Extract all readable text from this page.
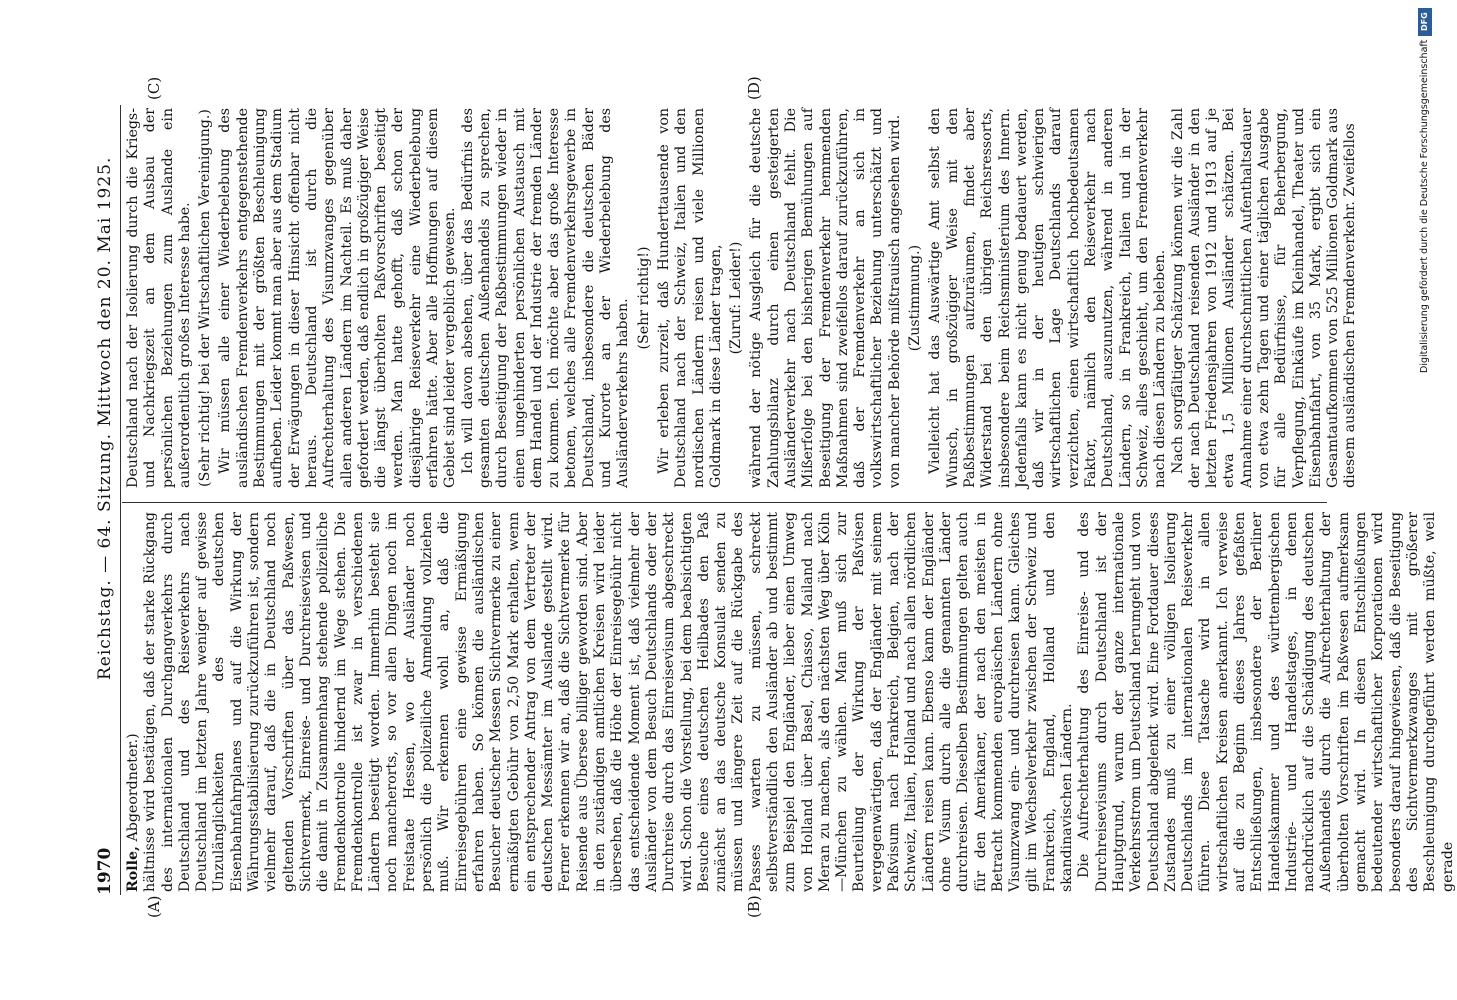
1970
Reichstag. — 64. Sitzung. Mittwoch den 20. Mai 1925.
(A)	(B)
(C)	(D)

Rolle, Abgeordneter.) hältnisse wird bestätigen, daß der starke Rückgang des internationalen Durchgangverkehrs durch Deutschland und des Reiseverkehrs nach Deutschland im letzten Jahre weniger auf gewisse Unzulänglichkeiten des deutschen Eisenbahnfahrplanes und auf die Wirkung der Währungsstabilisierung zurückzuführen ist, sondern vielmehr darauf, daß die in Deutschland noch geltenden Vorschriften über das Paßwesen, Sichtvermerk, Einreise- und Durchreisevisen und die damit in Zusammenhang stehende polizeiliche Fremdenkontrolle hindernd im Wege stehen. Die Fremdenkontrolle ist zwar in verschiedenen Ländern beseitigt worden. Immerhin besteht sie noch mancherorts, so vor allen Dingen noch im Freistaate Hessen, wo der Ausländer noch persönlich die polizeiliche Anmeldung vollziehen muß. Wir erkennen wohl an, daß die Einreisegebühren eine gewisse Ermäßigung erfahren haben. So können die ausländischen Besucher deutscher Messen Sichtvermerke zu einer ermäßigten Gebühr von 2,50 Mark erhalten, wenn ein entsprechender Antrag von dem Vertreter der deutschen Messämter im Auslande gestellt wird. Ferner erkennen wir an, daß die Sichtvermerke für Reisende aus Übersee billiger geworden sind. Aber in den zuständigen amtlichen Kreisen wird leider übersehen, daß die Höhe der Einreisegebühr nicht das entscheidende Moment ist, daß vielmehr der Ausländer von dem Besuch Deutschlands oder der Durchreise durch das Einreisevisum abgeschreckt wird. Schon die Vorstellung, bei dem beabsichtigten Besuche eines deutschen Heilbades den Paß zunächst an das deutsche Konsulat senden zu müssen und längere Zeit auf die Rückgabe des Passes warten zu müssen, schreckt selbstverständlich den Ausländer ab und bestimmt zum Beispiel den Engländer, lieber einen Umweg von Holland über Basel, Chiasso, Mailand nach Meran zu machen, als den nächsten Weg über Köln—München zu wählen. Man muß sich zur Beurteilung der Wirkung der Paßvisen vergegenwärtigen, daß der Engländer mit seinem Paßvisum nach Frankreich, Belgien, nach der Schweiz, Italien, Holland und nach allen nördlichen Ländern reisen kann. Ebenso kann der Engländer ohne Visum durch alle die genannten Länder durchreisen. Dieselben Bestimmungen gelten auch für den Amerikaner, der nach den meisten in Betracht kommenden europäischen Ländern ohne Visumzwang ein- und durchreisen kann. Gleiches gilt im Wechselverkehr zwischen der Schweiz und Frankreich, England, Holland und den skandinavischen Ländern. Die Aufrechterhaltung des Einreise- und des Durchreisevisums durch Deutschland ist der Hauptgrund, warum der ganze internationale Verkehrsstrom um Deutschland herumgeht und von Deutschland abgelenkt wird. Eine Fortdauer dieses Zustandes muß zu einer völligen Isolierung Deutschlands im internationalen Reiseverkehr führen. Diese Tatsache wird in allen wirtschaftlichen Kreisen anerkannt. Ich verweise auf die zu Beginn dieses Jahres gefaßten Entschließungen, insbesondere der Berliner Handelskammer und des württembergischen Industrie- und Handelstages, in denen nachdrücklich auf die Schädigung des deutschen Außenhandels durch die Aufrechterhaltung der überholten Vorschriften im Paßwesen aufmerksam gemacht wird. In diesen Entschließungen bedeutender wirtschaftlicher Korporationen wird besonders darauf hingewiesen, daß die Beseitigung des Sichtvermerkzwanges mit größerer Beschleunigung durchgeführt werden müßte, weil gerade

Deutschland nach der Isolierung durch die Kriegs- und Nachkriegszeit an dem Ausbau der persönlichen Beziehungen zum Auslande ein außerordentlich großes Interesse habe. (Sehr richtig! bei der Wirtschaftlichen Vereinigung.) Wir müssen alle einer Wiederbelebung des ausländischen Fremdenverkehrs entgegenstehende Bestimmungen mit der größten Beschleunigung aufheben. Leider kommt man aber aus dem Stadium der Erwägungen in dieser Hinsicht offenbar nicht heraus. Deutschland ist durch die Aufrechterhaltung des Visumzwanges gegenüber allen anderen Ländern im Nachteil. Es muß daher gefordert werden, daß endlich in großzügiger Weise die längst überholten Paßvorschriften beseitigt werden. Man hatte gehofft, daß schon der diesjährige Reiseverkehr eine Wiederbelebung erfahren hätte. Aber alle Hoffnungen auf diesem Gebiet sind leider vergeblich gewesen. Ich will davon absehen, über das Bedürfnis des gesamten deutschen Außenhandels zu sprechen, durch Beseitigung der Paßbestimmungen wieder in einen ungehinderten persönlichen Austausch mit dem Handel und der Industrie der fremden Länder zu kommen. Ich möchte aber das große Interesse betonen, welches alle Fremdenverkehrsgewerbe in Deutschland, insbesondere die deutschen Bäder und Kurorte an der Wiederbelebung des Ausländerverkehrs haben.

(Sehr richtig!) Wir erleben zurzeit, daß Hunderttausende von Deutschland nach der Schweiz, Italien und den nordischen Ländern reisen und viele Millionen Goldmark in diese Länder tragen, (Zuruf: Leider!) während der nötige Ausgleich für die deutsche Zahlungsbilanz durch einen gesteigerten Ausländerverkehr nach Deutschland fehlt. Die Mißerfolge bei den bisherigen Bemühungen auf Beseitigung der Fremdenverkehr hemmenden Maßnahmen sind zweifellos darauf zurückzuführen, daß der Fremdenverkehr an sich in volkswirtschaftlicher Beziehung unterschätzt und von mancher Behörde mißtrauisch angesehen wird. (Zustimmung.) Vielleicht hat das Auswärtige Amt selbst den Wunsch, in großzügiger Weise mit den Paßbestimmungen aufzuräumen, findet aber Widerstand bei den übrigen Reichsressorts, insbesondere beim Reichsministerium des Innern. Jedenfalls kann es nicht genug bedauert werden, daß wir in der heutigen schwierigen wirtschaftlichen Lage Deutschlands darauf verzichten, einen wirtschaftlich hochbedeutsamen Faktor, nämlich den Reiseverkehr nach Deutschland, auszunutzen, während in anderen Ländern, so in Frankreich, Italien und in der Schweiz, alles geschieht, um den Fremdenverkehr nach diesen Ländern zu beleben. Nach sorgfältiger Schätzung können wir die Zahl der nach Deutschland reisenden Ausländer in den letzten Friedensjahren von 1912 und 1913 auf je etwa 1,5 Millionen Ausländer schätzen. Bei Annahme einer durchschnittlichen Aufenthaltsdauer von etwa zehn Tagen und einer täglichen Ausgabe für alle Bedürfnisse, für Beherbergung, Verpflegung, Einkäufe im Kleinhandel, Theater und Eisenbahnfahrt, von 35 Mark, ergibt sich ein Gesamtaufkommen von 525 Millionen Goldmark aus diesem ausländischen Fremdenverkehr. Zweifellos

DFG
Digitalisierung gefördert durch die Deutsche Forschungsgemeinschaft
